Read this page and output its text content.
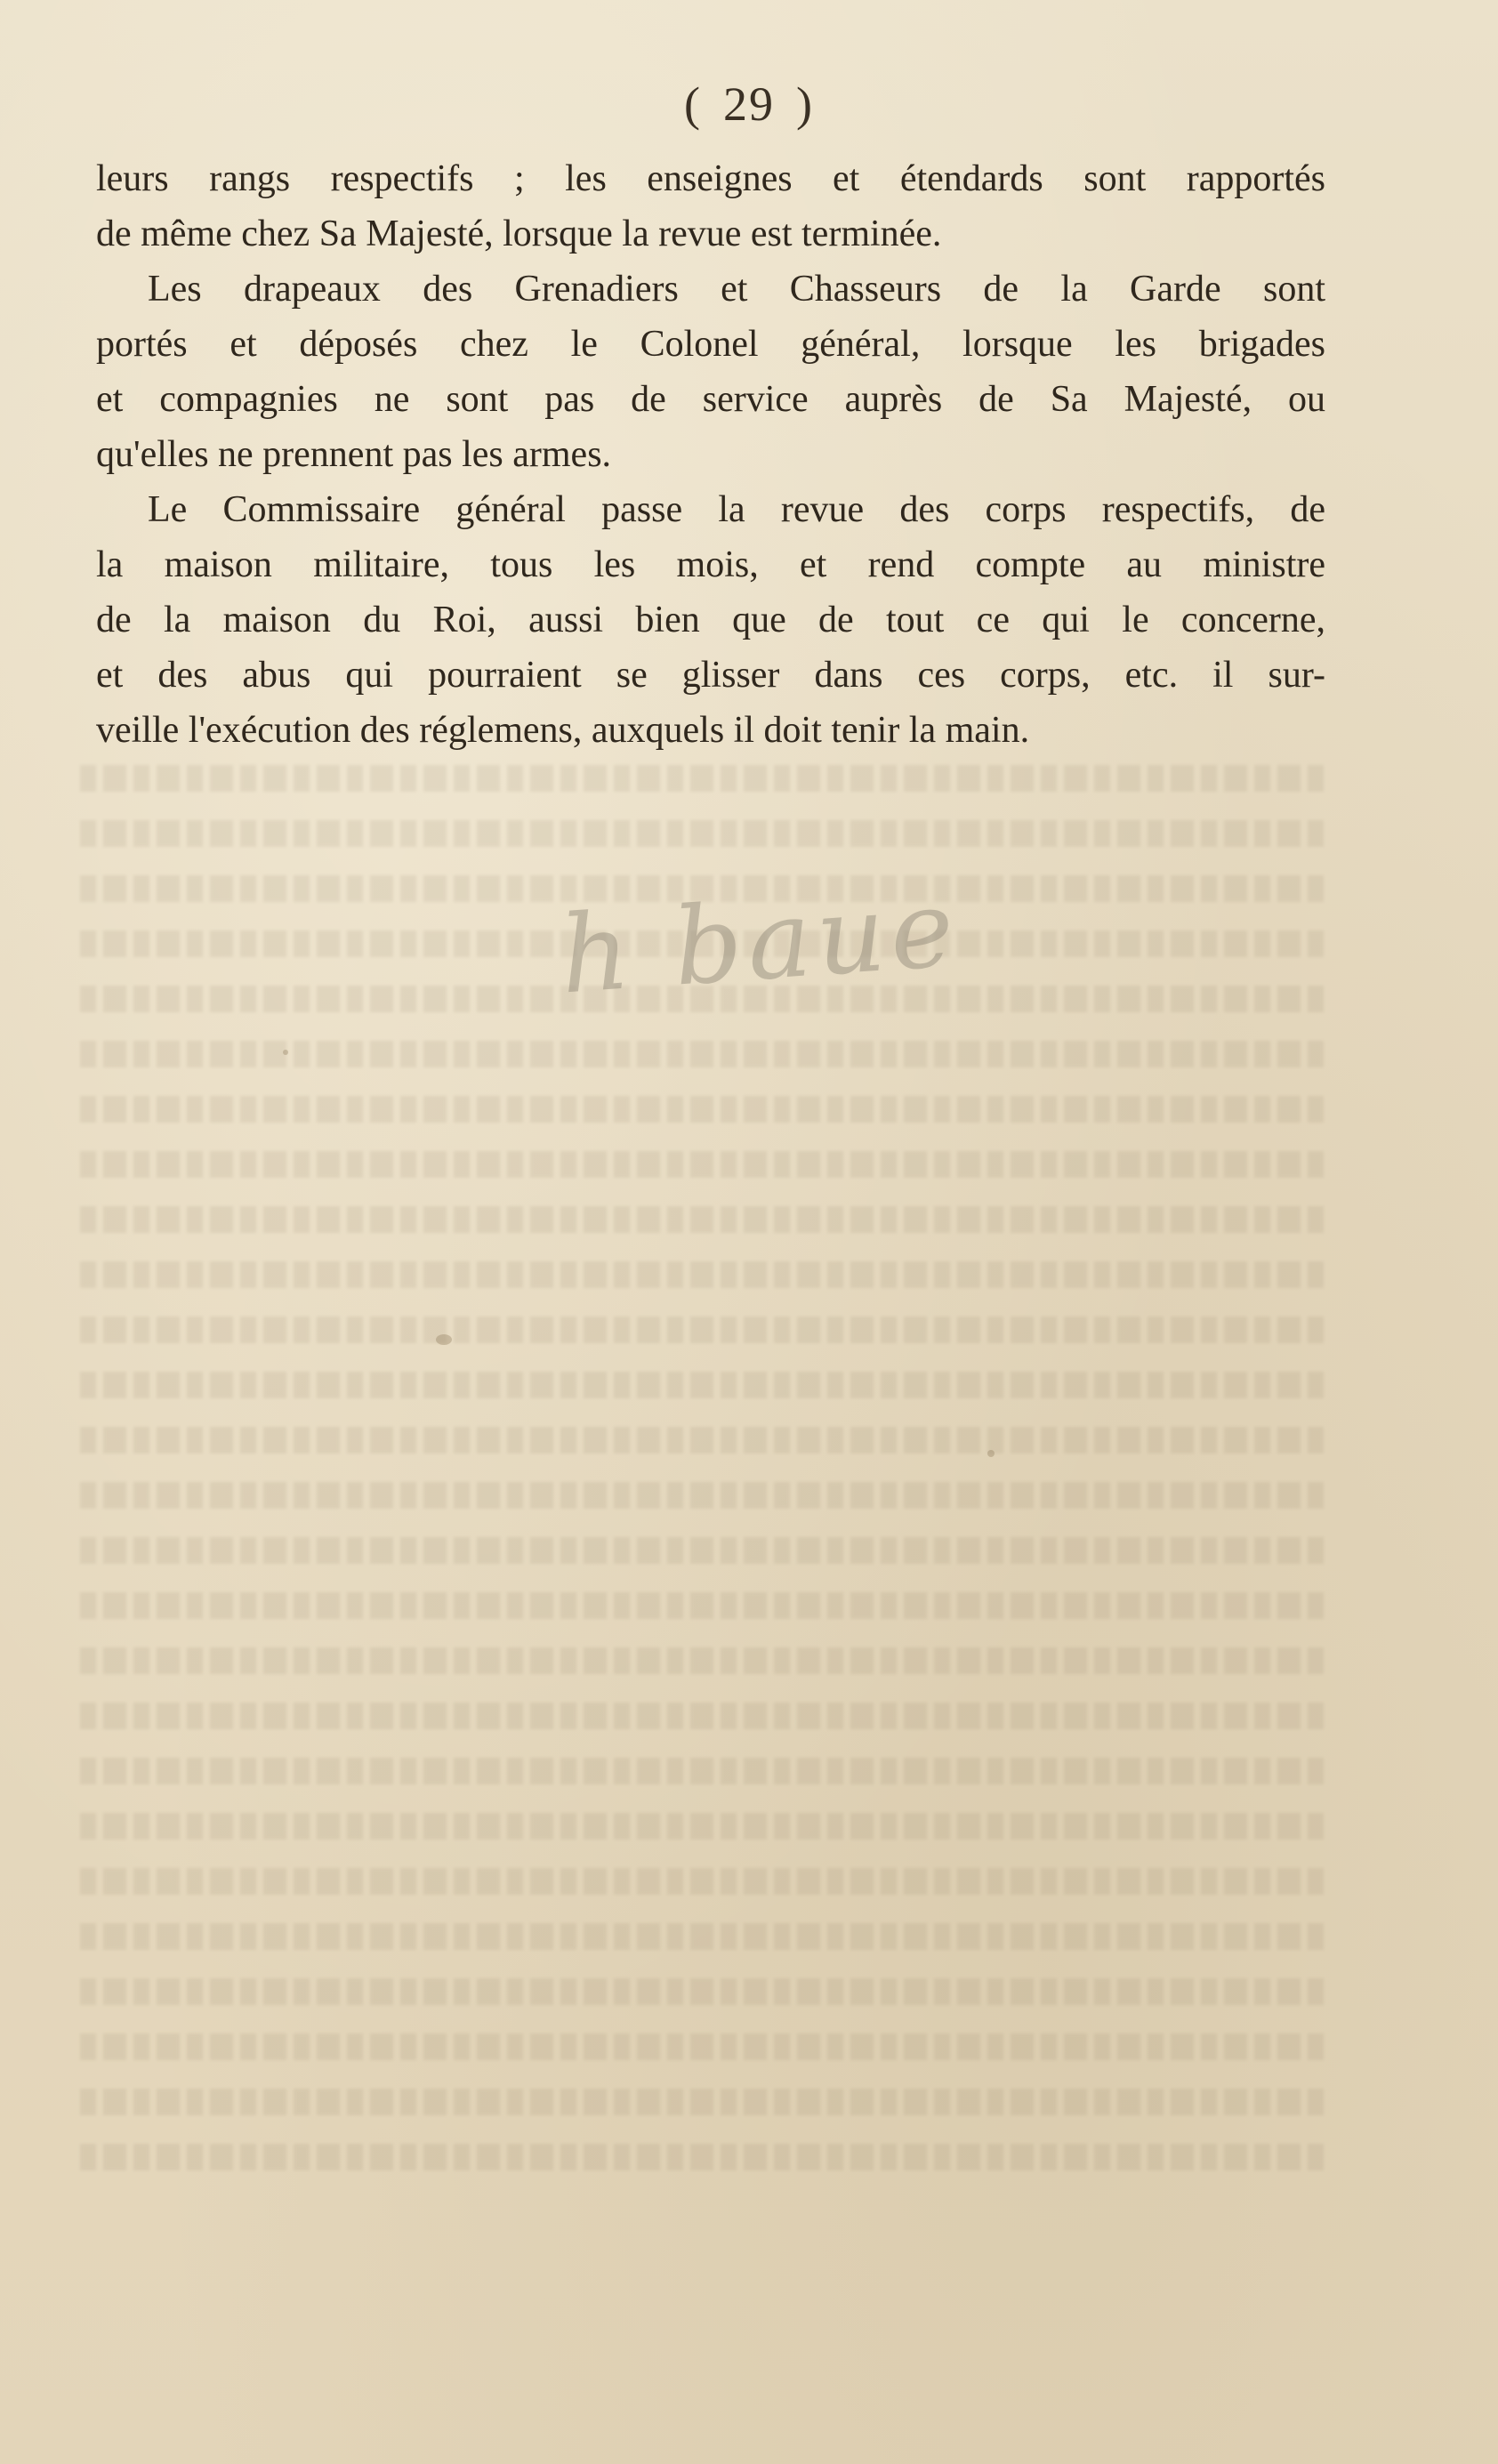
( 29 )
leurs rangs respectifs ; les enseignes et étendards sont rapportés
de même chez Sa Majesté, lorsque la revue est terminée.
Les drapeaux des Grenadiers et Chasseurs de la Garde sont
portés et déposés chez le Colonel général, lorsque les brigades
et compagnies ne sont pas de service auprès de Sa Majesté, ou
qu'elles ne prennent pas les armes.
Le Commissaire général passe la revue des corps respectifs, de
la maison militaire, tous les mois, et rend compte au ministre
de la maison du Roi, aussi bien que de tout ce qui le concerne,
et des abus qui pourraient se glisser dans ces corps, etc. il sur-
veille l'exécution des réglemens, auxquels il doit tenir la main.
h baue
